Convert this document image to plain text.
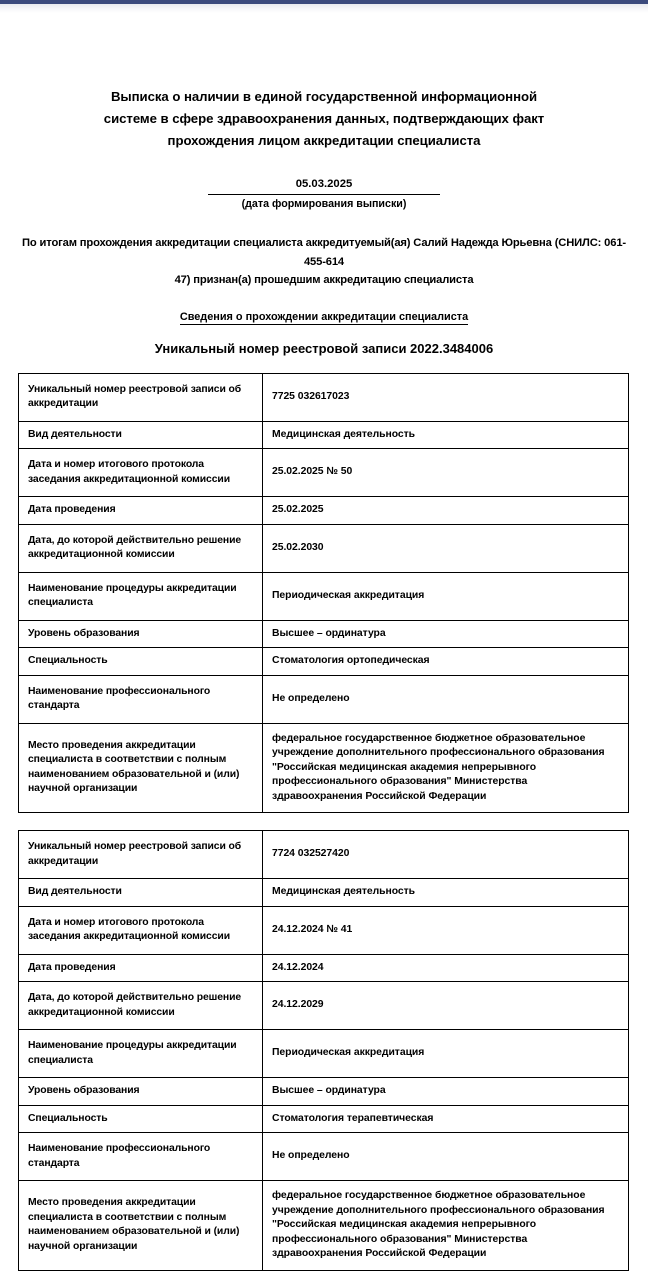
Выписка о наличии в единой государственной информационной системе в сфере здравоохранения данных, подтверждающих факт прохождения лицом аккредитации специалиста
05.03.2025
(дата формирования выписки)

По итогам прохождения аккредитации специалиста аккредитуемый(ая) Салий Надежда Юрьевна (СНИЛС: 061-455-614
47) признан(а) прошедшим аккредитацию специалиста

Сведения о прохождении аккредитации специалиста
Уникальный номер реестровой записи 2022.3484006
Уникальный номер реестровой записи об аккредитации	7725 032617023
Вид деятельности	Медицинская деятельность
Дата и номер итогового протокола заседания аккредитационной комиссии	25.02.2025 № 50
Дата проведения	25.02.2025
Дата, до которой действительно решение аккредитационной комиссии	25.02.2030
Наименование процедуры аккредитации специалиста	Периодическая аккредитация
Уровень образования	Высшее – ординатура
Специальность	Стоматология ортопедическая
Наименование профессионального стандарта	Не определено
Место проведения аккредитации специалиста в соответствии с полным наименованием образовательной и (или) научной организации	федеральное государственное бюджетное образовательное учреждение дополнительного профессионального образования "Российская медицинская академия непрерывного профессионального образования" Министерства здравоохранения Российской Федерации
Уникальный номер реестровой записи об аккредитации	7724 032527420
Вид деятельности	Медицинская деятельность
Дата и номер итогового протокола заседания аккредитационной комиссии	24.12.2024 № 41
Дата проведения	24.12.2024
Дата, до которой действительно решение аккредитационной комиссии	24.12.2029
Наименование процедуры аккредитации специалиста	Периодическая аккредитация
Уровень образования	Высшее – ординатура
Специальность	Стоматология терапевтическая
Наименование профессионального стандарта	Не определено
Место проведения аккредитации специалиста в соответствии с полным наименованием образовательной и (или) научной организации	федеральное государственное бюджетное образовательное учреждение дополнительного профессионального образования "Российская медицинская академия непрерывного профессионального образования" Министерства здравоохранения Российской Федерации
